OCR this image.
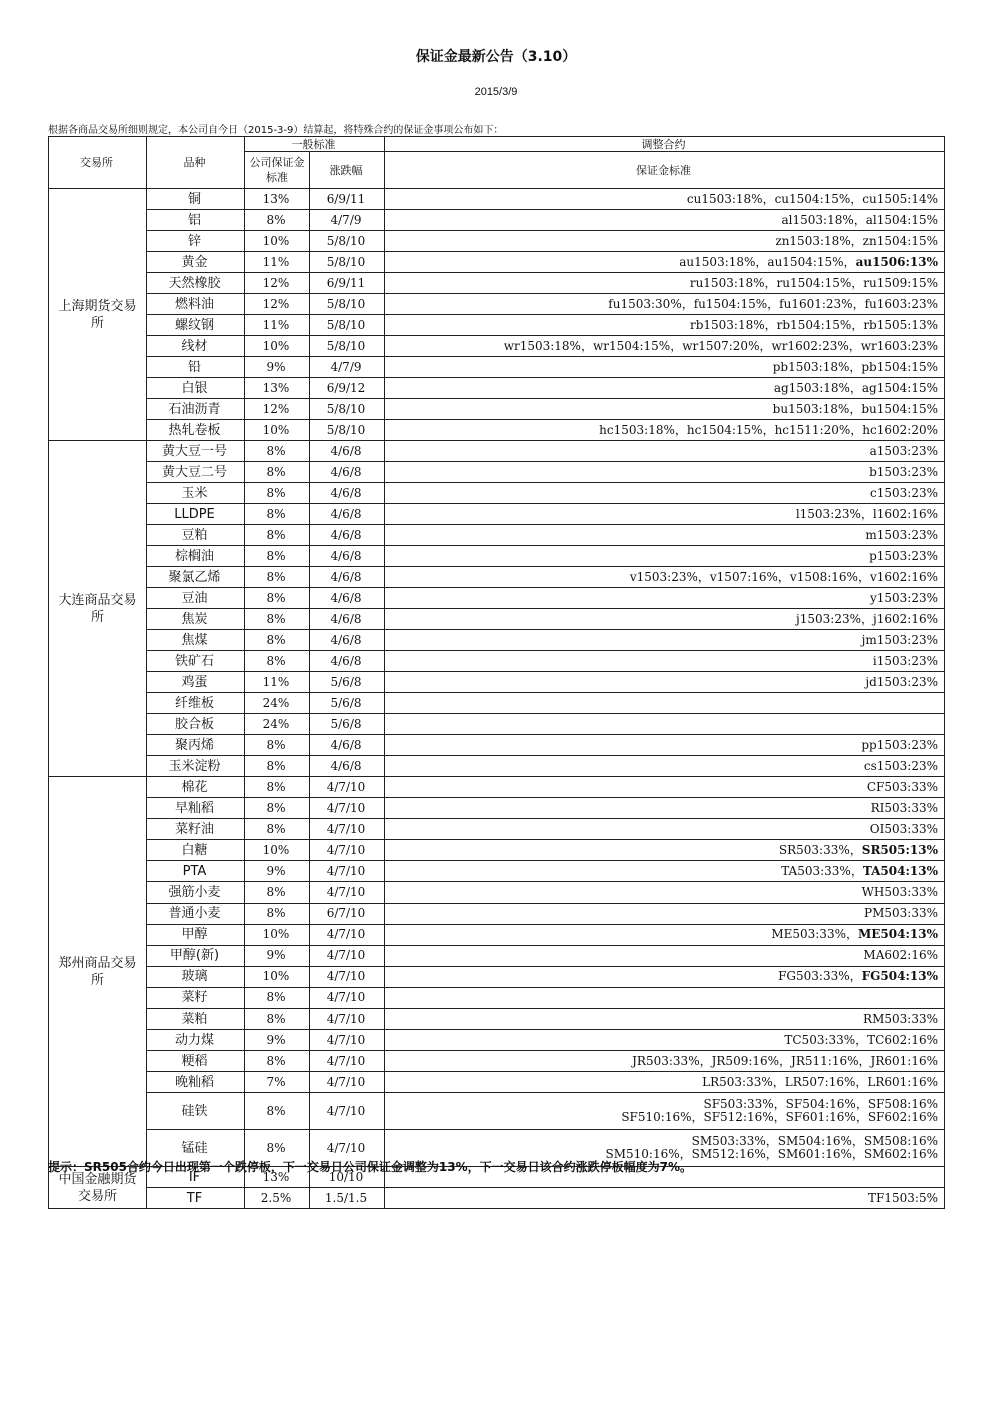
保证金最新公告（3.10）
2015/3/9
根据各商品交易所细则规定，本公司自今日（2015-3-9）结算起，将特殊合约的保证金事项公布如下：
交易所	品种	一般标准		调整合约
		公司保证金标准	涨跌幅	保证金标准
上海期货交易所	铜	13%	6/9/11	cu1503:18%，cu1504:15%，cu1505:14%
	铝	8%	4/7/9	al1503:18%，al1504:15%
	锌	10%	5/8/10	zn1503:18%，zn1504:15%
	黄金	11%	5/8/10	au1503:18%，au1504:15%，au1506:13%
	天然橡胶	12%	6/9/11	ru1503:18%，ru1504:15%，ru1509:15%
	燃料油	12%	5/8/10	fu1503:30%，fu1504:15%，fu1601:23%，fu1603:23%
	螺纹钢	11%	5/8/10	rb1503:18%，rb1504:15%，rb1505:13%
	线材	10%	5/8/10	wr1503:18%，wr1504:15%，wr1507:20%，wr1602:23%，wr1603:23%
	铅	9%	4/7/9	pb1503:18%，pb1504:15%
	白银	13%	6/9/12	ag1503:18%，ag1504:15%
	石油沥青	12%	5/8/10	bu1503:18%，bu1504:15%
	热轧卷板	10%	5/8/10	hc1503:18%，hc1504:15%，hc1511:20%，hc1602:20%
大连商品交易所	黄大豆一号	8%	4/6/8	a1503:23%
	黄大豆二号	8%	4/6/8	b1503:23%
	玉米	8%	4/6/8	c1503:23%
	LLDPE	8%	4/6/8	l1503:23%，l1602:16%
	豆粕	8%	4/6/8	m1503:23%
	棕榈油	8%	4/6/8	p1503:23%
	聚氯乙烯	8%	4/6/8	v1503:23%，v1507:16%，v1508:16%，v1602:16%
	豆油	8%	4/6/8	y1503:23%
	焦炭	8%	4/6/8	j1503:23%，j1602:16%
	焦煤	8%	4/6/8	jm1503:23%
	铁矿石	8%	4/6/8	i1503:23%
	鸡蛋	11%	5/6/8	jd1503:23%
	纤维板	24%	5/6/8	
	胶合板	24%	5/6/8	
	聚丙烯	8%	4/6/8	pp1503:23%
	玉米淀粉	8%	4/6/8	cs1503:23%
郑州商品交易所	棉花	8%	4/7/10	CF503:33%
	早籼稻	8%	4/7/10	RI503:33%
	菜籽油	8%	4/7/10	OI503:33%
	白糖	10%	4/7/10	SR503:33%，SR505:13%
	PTA	9%	4/7/10	TA503:33%，TA504:13%
	强筋小麦	8%	4/7/10	WH503:33%
	普通小麦	8%	6/7/10	PM503:33%
	甲醇	10%	4/7/10	ME503:33%，ME504:13%
	甲醇(新)	9%	4/7/10	MA602:16%
	玻璃	10%	4/7/10	FG503:33%，FG504:13%
	菜籽	8%	4/7/10	
	菜粕	8%	4/7/10	RM503:33%
	动力煤	9%	4/7/10	TC503:33%，TC602:16%
	粳稻	8%	4/7/10	JR503:33%，JR509:16%，JR511:16%，JR601:16%
	晚籼稻	7%	4/7/10	LR503:33%，LR507:16%，LR601:16%
	硅铁	8%	4/7/10	SF503:33%，SF504:16%，SF508:16%
SF510:16%，SF512:16%，SF601:16%，SF602:16%
	锰硅	8%	4/7/10	SM503:33%，SM504:16%，SM508:16%
SM510:16%，SM512:16%，SM601:16%，SM602:16%
中国金融期货交易所	IF	13%	10/10	
	TF	2.5%	1.5/1.5	TF1503:5%
提示：SR505合约今日出现第一个跌停板，下一交易日公司保证金调整为13%，下一交易日该合约涨跌停板幅度为7%。
